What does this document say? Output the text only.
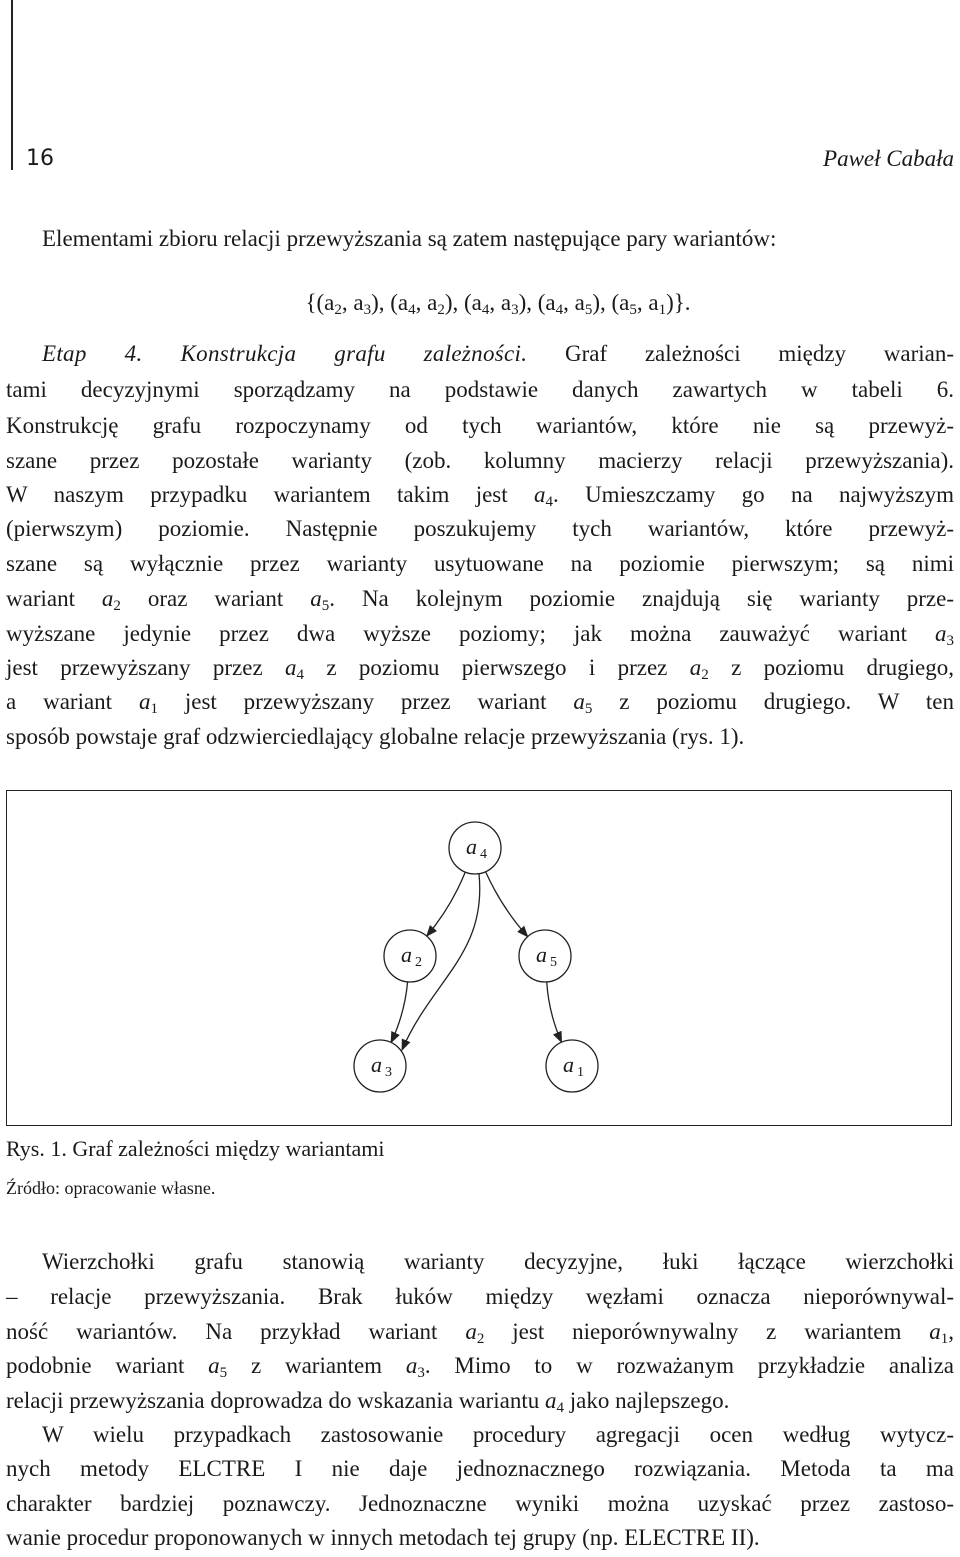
16	Paweł Cabała
Elementami zbioru relacji przewyższania są zatem następujące pary wariantów:
{($a_2$, $a_3$), ($a_4$, $a_2$), ($a_4$, $a_3$), ($a_4$, $a_5$), ($a_5$, $a_1$)}.
Etap 4. Konstrukcja grafu zależności. Graf zależności między warian-
tami decyzyjnymi sporządzamy na podstawie danych zawartych w tabeli 6.
Konstrukcję grafu rozpoczynamy od tych wariantów, które nie są przewyż-
szane przez pozostałe warianty (zob. kolumny macierzy relacji przewyższania).
W naszym przypadku wariantem takim jest $a_4$. Umieszczamy go na najwyższym
(pierwszym) poziomie. Następnie poszukujemy tych wariantów, które przewyż-
szane są wyłącznie przez warianty usytuowane na poziomie pierwszym; są nimi
wariant $a_2$ oraz wariant $a_5$. Na kolejnym poziomie znajdują się warianty prze-
wyższane jedynie przez dwa wyższe poziomy; jak można zauważyć wariant $a_3$
jest przewyższany przez $a_4$ z poziomu pierwszego i przez $a_2$ z poziomu drugiego,
a wariant $a_1$ jest przewyższany przez wariant $a_5$ z poziomu drugiego. W ten
sposób powstaje graf odzwierciedlający globalne relacje przewyższania (rys. 1).
a 4
a 2	a 5
a 3	a 1
Rys. 1. Graf zależności między wariantami
Źródło: opracowanie własne.
Wierzchołki grafu stanowią warianty decyzyjne, łuki łączące wierzchołki
– relacje przewyższania. Brak łuków między węzłami oznacza nieporównywal-
ność wariantów. Na przykład wariant $a_2$ jest nieporównywalny z wariantem $a_1$,
podobnie wariant $a_5$ z wariantem $a_3$. Mimo to w rozważanym przykładzie analiza
relacji przewyższania doprowadza do wskazania wariantu $a_4$ jako najlepszego.
W wielu przypadkach zastosowanie procedury agregacji ocen według wytycz-
nych metody ELCTRE I nie daje jednoznacznego rozwiązania. Metoda ta ma
charakter bardziej poznawczy. Jednoznaczne wyniki można uzyskać przez zastoso-
wanie procedur proponowanych w innych metodach tej grupy (np. ELECTRE II).
